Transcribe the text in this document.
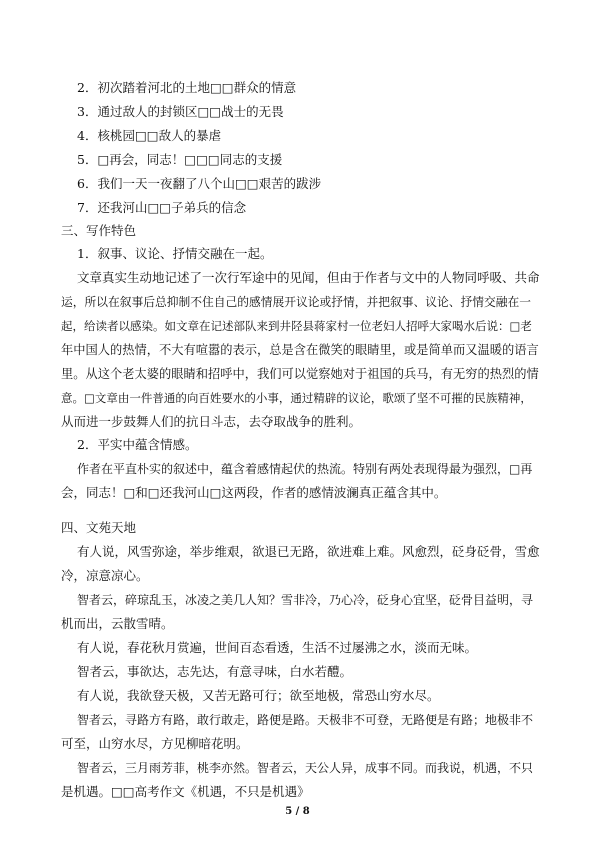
2．初次踏着河北的土地□□群众的情意
3．通过敌人的封锁区□□战士的无畏
4．核桃园□□敌人的暴虐
5．□再会，同志！□□□同志的支援
6．我们一天一夜翻了八个山□□艰苦的跋涉
7．还我河山□□子弟兵的信念
三、写作特色
1．叙事、议论、抒情交融在一起。
文章真实生动地记述了一次行军途中的见闻，但由于作者与文中的人物同呼吸、共命
运，所以在叙事后总抑制不住自己的感情展开议论或抒情，并把叙事、议论、抒情交融在一
起，给读者以感染。如文章在记述部队来到井陉县蒋家村一位老妇人招呼大家喝水后说：□老
年中国人的热情，不大有喧嚣的表示，总是含在微笑的眼睛里，或是简单而又温暖的语言
里。从这个老太婆的眼睛和招呼中，我们可以觉察她对于祖国的兵马，有无穷的热烈的情
意。□文章由一件普通的向百姓要水的小事，通过精辟的议论，歌颂了坚不可摧的民族精神，
从而进一步鼓舞人们的抗日斗志，去夺取战争的胜利。
2．平实中蕴含情感。
作者在平直朴实的叙述中，蕴含着感情起伏的热流。特别有两处表现得最为强烈，□再
会，同志！□和□还我河山□这两段，作者的感情波澜真正蕴含其中。
四、文苑天地
有人说，风雪弥途，举步维艰，欲退已无路，欲进难上难。风愈烈，砭身砭骨，雪愈
冷，凉意凉心。
智者云，碎琼乱玉，冰凌之美几人知？雪非冷，乃心冷，砭身心宜坚，砭骨目益明，寻
机而出，云散雪晴。
有人说，春花秋月赏遍，世间百态看透，生活不过屡沸之水，淡而无味。
智者云，事欲达，志先达，有意寻味，白水若醴。
有人说，我欲登天极，又苦无路可行；欲至地极，常恐山穷水尽。
智者云，寻路方有路，敢行敢走，路便是路。天极非不可登，无路便是有路；地极非不
可至，山穷水尽，方见柳暗花明。
智者云，三月雨芳菲，桃李亦然。智者云，天公人异，成事不同。而我说，机遇，不只
是机遇。□□高考作文《机遇，不只是机遇》
5 / 8
